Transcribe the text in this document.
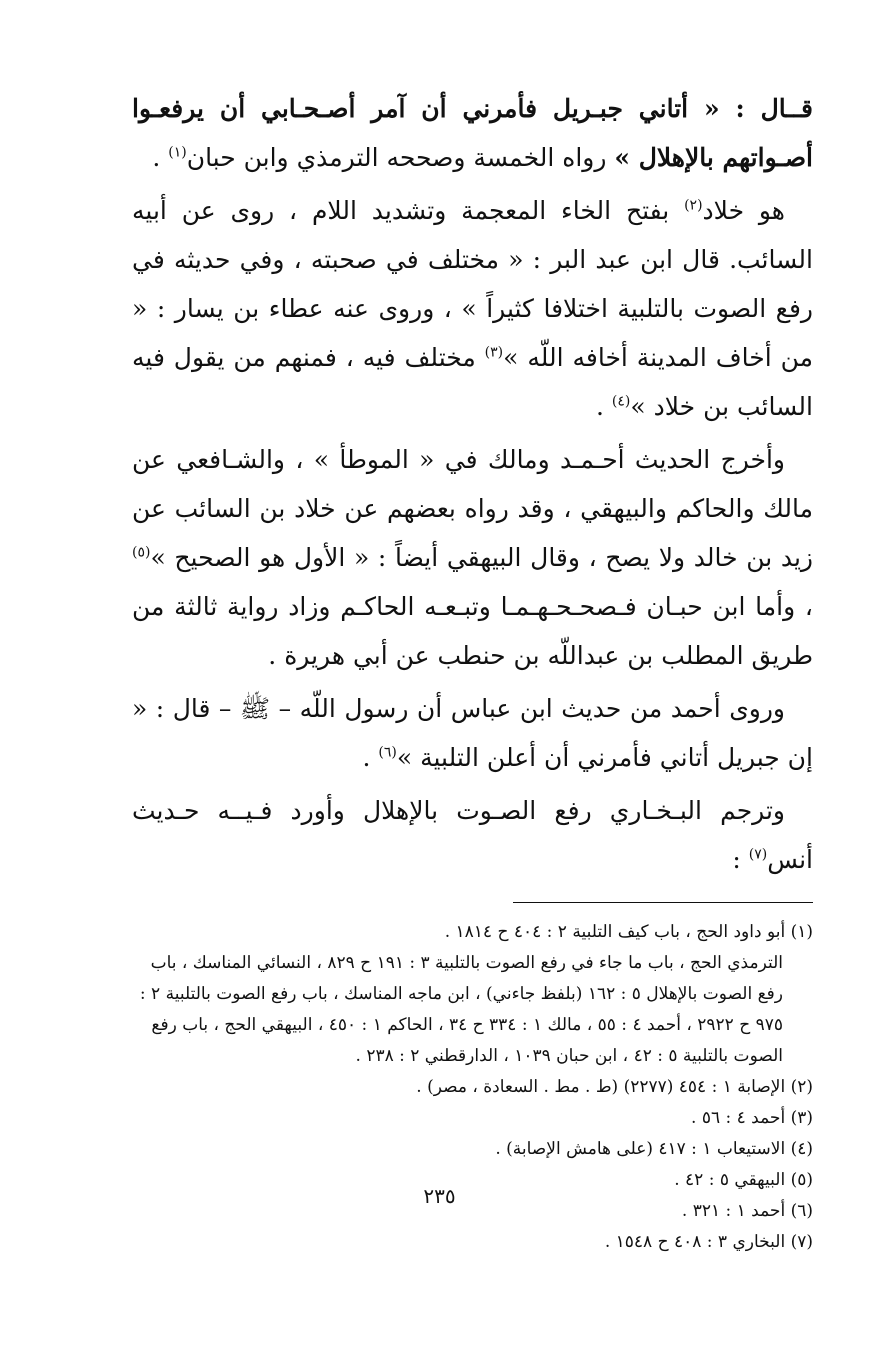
قــال : « أتاني جبـريل فأمرني أن آمر أصـحـابي أن يرفعـوا أصـواتهم بالإهلال » رواه الخمسة وصححه الترمذي وابن حبان$^{(١)}$ .

هو خلاد$^{(٢)}$ بفتح الخاء المعجمة وتشديد اللام ، روى عن أبيه السائب. قال ابن عبد البر : « مختلف في صحبته ، وفي حديثه في رفع الصوت بالتلبية اختلافا كثيراً » ، وروى عنه عطاء بن يسار : « من أخاف المدينة أخافه اللّه »$^{(٣)}$ مختلف فيه ، فمنهم من يقول فيه السائب بن خلاد »$^{(٤)}$ .

وأخرج الحديث أحـمـد ومالك في « الموطأ » ، والشـافعي عن مالك والحاكم والبيهقي ، وقد رواه بعضهم عن خلاد بن السائب عن زيد بن خالد ولا يصح ، وقال البيهقي أيضاً : « الأول هو الصحيح »$^{(٥)}$ ، وأما ابن حبـان فـصحـحـهـمـا وتبـعـه الحاكـم وزاد رواية ثالثة من طريق المطلب بن عبداللّه بن حنطب عن أبي هريرة .

وروى أحمد من حديث ابن عباس أن رسول اللّه – ﷺ – قال : « إن جبريل أتاني فأمرني أن أعلن التلبية »$^{(٦)}$ .

وترجم البـخـاري رفع الصـوت بالإهلال وأورد فـيــه حـديث أنس$^{(٧)}$ :

(١) أبو داود الحج ، باب كيف التلبية ٢ : ٤٠٤ ح ١٨١٤ .

الترمذي الحج ، باب ما جاء في رفع الصوت بالتلبية ٣ : ١٩١ ح ٨٢٩ ، النسائي المناسك ، باب رفع الصوت بالإهلال ٥ : ١٦٢ (بلفظ جاءني) ، ابن ماجه المناسك ، باب رفع الصوت بالتلبية ٢ : ٩٧٥ ح ٢٩٢٢ ، أحمد ٤ : ٥٥ ، مالك ١ : ٣٣٤ ح ٣٤ ، الحاكم ١ : ٤٥٠ ، البيهقي الحج ، باب رفع الصوت بالتلبية ٥ : ٤٢ ، ابن حبان ١٠٣٩ ، الدارقطني ٢ : ٢٣٨ .

(٢) الإصابة ١ : ٤٥٤ (٢٢٧٧) (ط . مط . السعادة ، مصر) .

(٣) أحمد ٤ : ٥٦ .

(٤) الاستيعاب ١ : ٤١٧ (على هامش الإصابة) .

(٥) البيهقي ٥ : ٤٢ .

(٦) أحمد ١ : ٣٢١ .

(٧) البخاري ٣ : ٤٠٨ ح ١٥٤٨ .

٢٣٥
